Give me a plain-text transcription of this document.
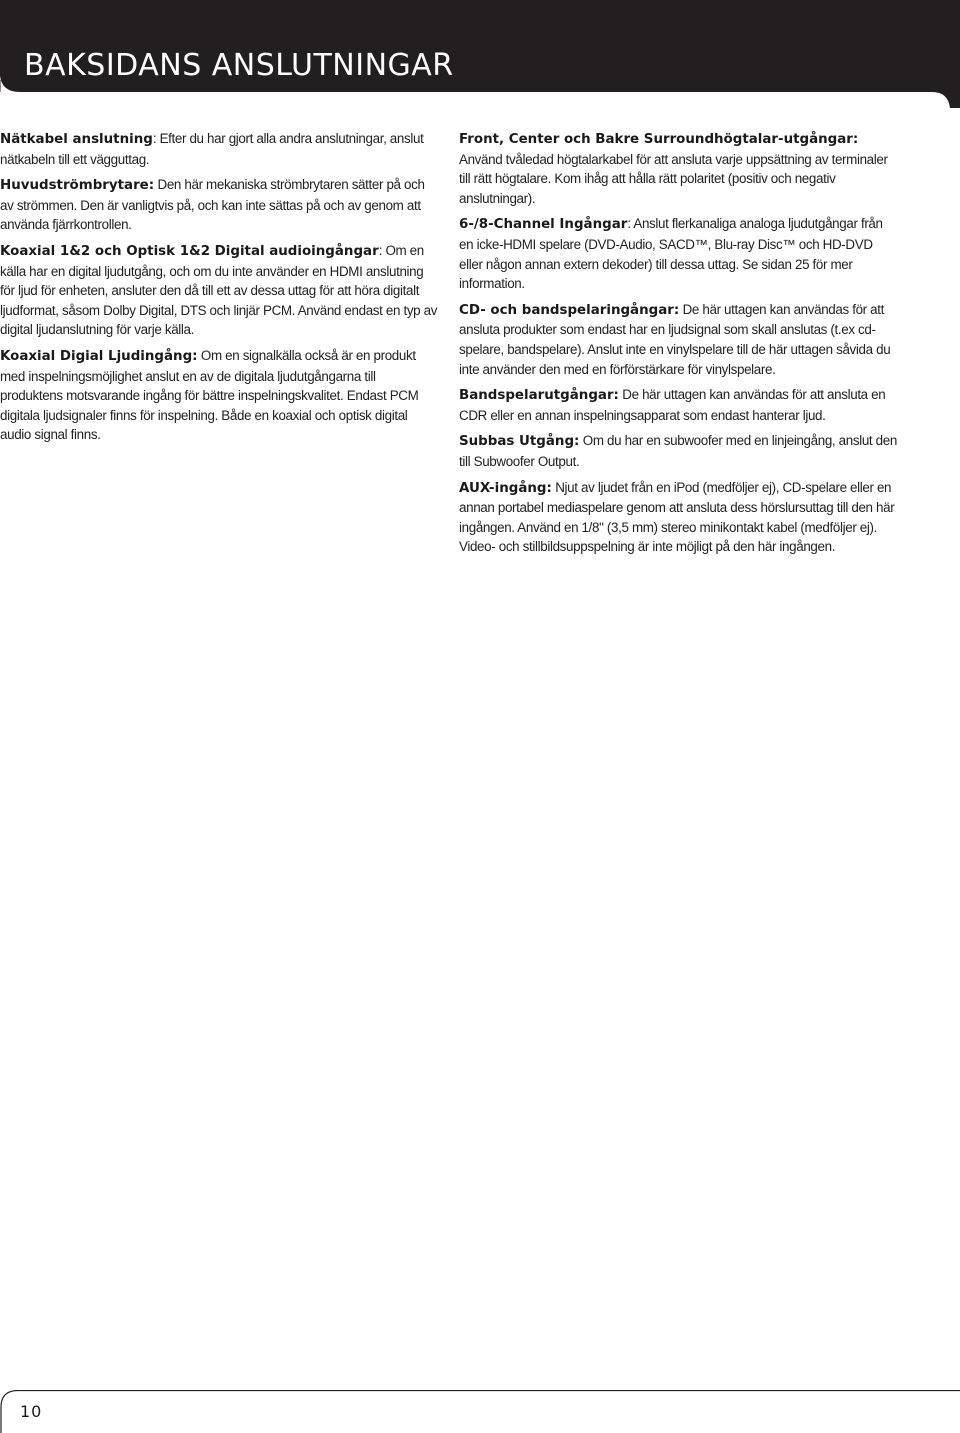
BAKSIDANS ANSLUTNINGAR

Nätkabel anslutning: Efter du har gjort alla andra anslutningar, anslut nätkabeln till ett vägguttag.

Huvudströmbrytare: Den här mekaniska strömbrytaren sätter på och av strömmen. Den är vanligtvis på, och kan inte sättas på och av genom att använda fjärrkontrollen.

Koaxial 1&2 och Optisk 1&2 Digital audioingångar: Om en källa har en digital ljudutgång, och om du inte använder en HDMI anslutning för ljud för enheten, ansluter den då till ett av dessa uttag för att höra digitalt ljudformat, såsom Dolby Digital, DTS och linjär PCM. Använd endast en typ av digital ljudanslutning för varje källa.

Koaxial Digial Ljudingång: Om en signalkälla också är en produkt med inspelningsmöjlighet anslut en av de digitala ljudutgångarna till produktens motsvarande ingång för bättre inspelningskvalitet. Endast PCM digitala ljudsignaler finns för inspelning. Både en koaxial och optisk digital audio signal finns.

Front, Center och Bakre Surroundhögtalar-utgångar: Använd tvåledad högtalarkabel för att ansluta varje uppsättning av terminaler till rätt högtalare. Kom ihåg att hålla rätt polaritet (positiv och negativ anslutningar).

6-/8-Channel Ingångar: Anslut flerkanaliga analoga ljudutgångar från en icke-HDMI spelare (DVD-Audio, SACD™, Blu-ray Disc™ och HD-DVD eller någon annan extern dekoder) till dessa uttag. Se sidan 25 för mer information.

CD- och bandspelaringångar: De här uttagen kan användas för att ansluta produkter som endast har en ljudsignal som skall anslutas (t.ex cd-spelare, bandspelare). Anslut inte en vinylspelare till de här uttagen såvida du inte använder den med en förförstärkare för vinylspelare.

Bandspelarutgångar: De här uttagen kan användas för att ansluta en CDR eller en annan inspelningsapparat som endast hanterar ljud.

Subbas Utgång: Om du har en subwoofer med en linjeingång, anslut den till Subwoofer Output.

AUX-ingång: Njut av ljudet från en iPod (medföljer ej), CD-spelare eller en annan portabel mediaspelare genom att ansluta dess hörslursuttag till den här ingången. Använd en 1/8" (3,5 mm) stereo minikontakt kabel (medföljer ej). Video- och stillbildsuppspelning är inte möjligt på den här ingången.

10
